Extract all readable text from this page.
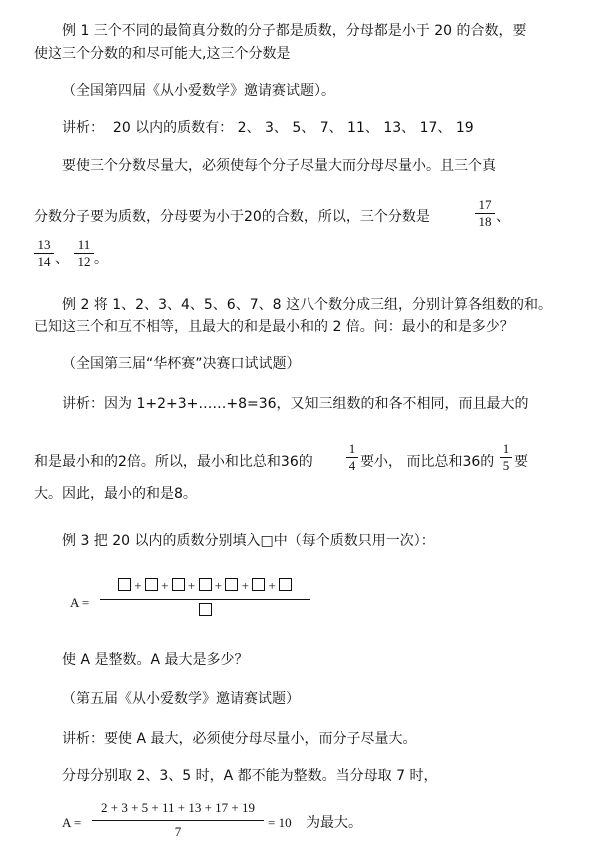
例 1 三个不同的最简真分数的分子都是质数，分母都是小于 20 的合数，要
使这三个分数的和尽可能大,这三个分数是
（全国第四届《从小爱数学》邀请赛试题）。
讲析： 20 以内的质数有： 2、 3、 5、 7、 11、 13、 17、 19
要使三个分数尽量大，必须使每个分子尽量大而分母尽量小。且三个真
分数分子要为质数，分母要为小于20的合数，所以，三个分数是
17
18 、
13
14 、
11
12 。
例 2 将 1、2、3、4、5、6、7、8 这八个数分成三组，分别计算各组数的和。
已知这三个和互不相等，且最大的和是最小和的 2 倍。问：最小的和是多少？
（全国第三届“华杯赛”决赛口试试题）
讲析：因为 1+2+3+……+8=36，又知三组数的和各不相同，而且最大的
和是最小和的2倍。所以，最小和比总和36的
1
4 要小， 而比总和36的
1
5 要
大。因此，最小的和是8。
例 3 把 20 以内的质数分别填入□中（每个质数只用一次）：
A =
+ + + + + +
使 A 是整数。A 最大是多少？
（第五届《从小爱数学》邀请赛试题）
讲析：要使 A 最大，必须使分母尽量小，而分子尽量大。
分母分别取 2、3、5 时，A 都不能为整数。当分母取 7 时，
A =
2 + 3 + 5 + 11 + 13 + 17 + 19
7
= 10 为最大。
